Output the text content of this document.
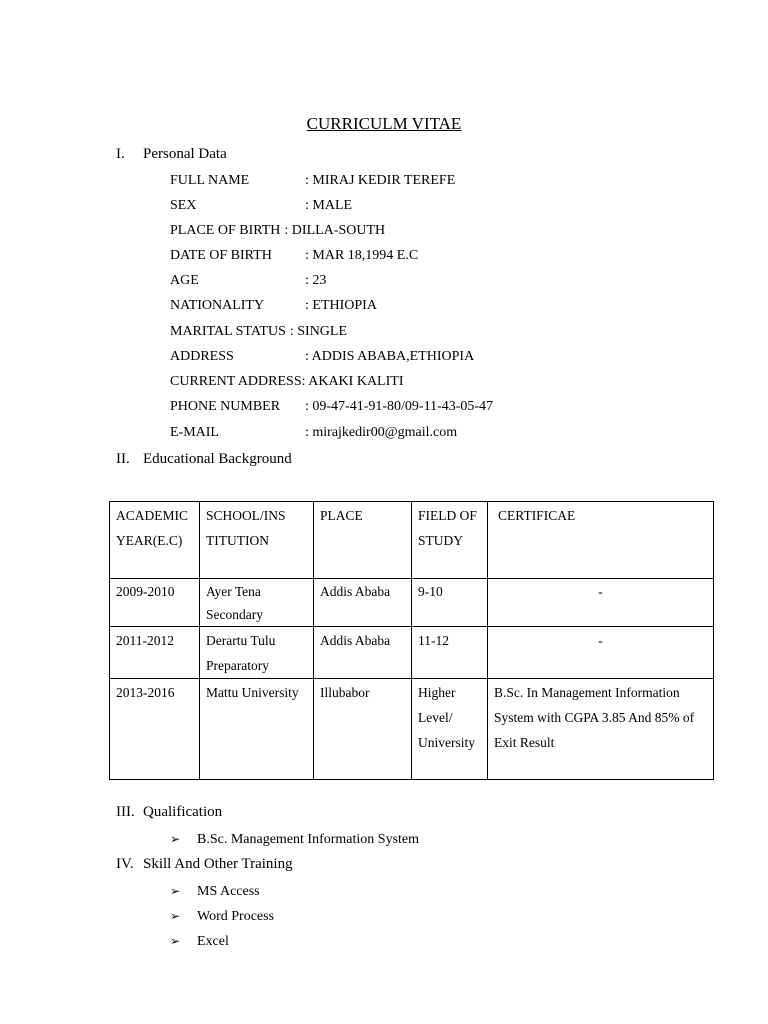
CURRICULM VITAE
I. Personal Data
FULL NAME	: MIRAJ KEDIR TEREFE
SEX	: MALE
PLACE OF BIRTH : DILLA-SOUTH
DATE OF BIRTH : MAR 18,1994 E.C
AGE	: 23
NATIONALITY	: ETHIOPIA
MARITAL STATUS : SINGLE
ADDRESS	: ADDIS ABABA,ETHIOPIA
CURRENT ADDRESS: AKAKI KALITI
PHONE NUMBER : 09-47-41-91-80/09-11-43-05-47
E-MAIL	: mirajkedir00@gmail.com
II. Educational Background
ACADEMIC YEAR(E.C)	SCHOOL/INS TITUTION	PLACE	FIELD OF STUDY	CERTIFICAE
2009-2010	Ayer Tena Secondary	Addis Ababa	9-10	-
2011-2012	Derartu Tulu Preparatory	Addis Ababa	11-12	-
2013-2016	Mattu University	Illubabor	Higher Level/ University	B.Sc. In Management Information System with CGPA 3.85 And 85% of Exit Result
III. Qualification
➢ B.Sc. Management Information System
IV. Skill And Other Training
➢ MS Access
➢ Word Process
➢ Excel
